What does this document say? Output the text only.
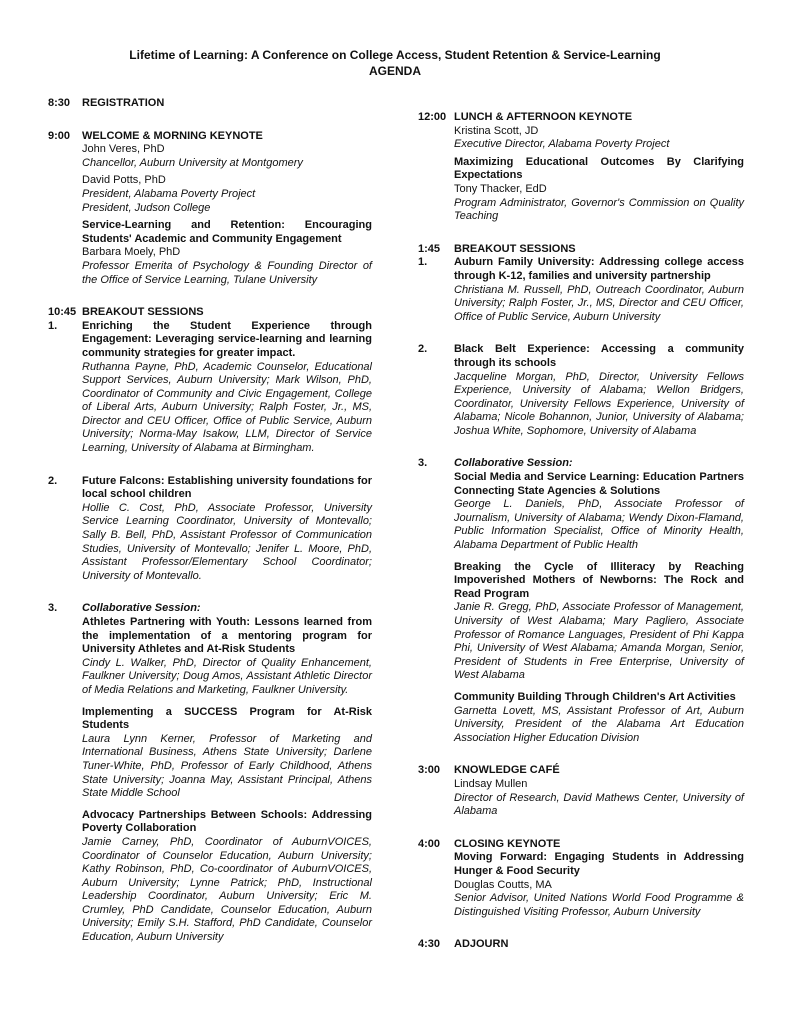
Lifetime of Learning: A Conference on College Access, Student Retention & Service-Learning
AGENDA
8:30	REGISTRATION
9:00	WELCOME & MORNING KEYNOTE
John Veres, PhD
Chancellor, Auburn University at Montgomery
David Potts, PhD
President, Alabama Poverty Project
President, Judson College
Service-Learning and Retention: Encouraging Students' Academic and Community Engagement
Barbara Moely, PhD
Professor Emerita of Psychology & Founding Director of the Office of Service Learning, Tulane University
10:45 BREAKOUT SESSIONS
1.	Enriching the Student Experience through Engagement: Leveraging service-learning and learning community strategies for greater impact.
Ruthanna Payne, PhD, Academic Counselor, Educational Support Services, Auburn University; Mark Wilson, PhD, Coordinator of Community and Civic Engagement, College of Liberal Arts, Auburn University; Ralph Foster, Jr., MS, Director and CEU Officer, Office of Public Service, Auburn University; Norma-May Isakow, LLM, Director of Service Learning, University of Alabama at Birmingham.
2.	Future Falcons: Establishing university foundations for local school children
Hollie C. Cost, PhD, Associate Professor, University Service Learning Coordinator, University of Montevallo; Sally B. Bell, PhD, Assistant Professor of Communication Studies, University of Montevallo; Jenifer L. Moore, PhD, Assistant Professor/Elementary School Coordinator; University of Montevallo.
3.	Collaborative Session:
Athletes Partnering with Youth: Lessons learned from the implementation of a mentoring program for University Athletes and At-Risk Students
Cindy L. Walker, PhD, Director of Quality Enhancement, Faulkner University; Doug Amos, Assistant Athletic Director of Media Relations and Marketing, Faulkner University.
Implementing a SUCCESS Program for At-Risk Students
Laura Lynn Kerner, Professor of Marketing and International Business, Athens State University; Darlene Tuner-White, PhD, Professor of Early Childhood, Athens State University; Joanna May, Assistant Principal, Athens State Middle School
Advocacy Partnerships Between Schools: Addressing Poverty Collaboration
Jamie Carney, PhD, Coordinator of AuburnVOICES, Coordinator of Counselor Education, Auburn University; Kathy Robinson, PhD, Co-coordinator of AuburnVOICES, Auburn University; Lynne Patrick; PhD, Instructional Leadership Coordinator, Auburn University; Eric M. Crumley, PhD Candidate, Counselor Education, Auburn University; Emily S.H. Stafford, PhD Candidate, Counselor Education, Auburn University
12:00 LUNCH & AFTERNOON KEYNOTE
Kristina Scott, JD
Executive Director, Alabama Poverty Project
Maximizing Educational Outcomes By Clarifying Expectations
Tony Thacker, EdD
Program Administrator, Governor's Commission on Quality Teaching
1:45	BREAKOUT SESSIONS
1.	Auburn Family University: Addressing college access through K-12, families and university partnership
Christiana M. Russell, PhD, Outreach Coordinator, Auburn University; Ralph Foster, Jr., MS, Director and CEU Officer, Office of Public Service, Auburn University
2.	Black Belt Experience: Accessing a community through its schools
Jacqueline Morgan, PhD, Director, University Fellows Experience, University of Alabama; Wellon Bridgers, Coordinator, University Fellows Experience, University of Alabama; Nicole Bohannon, Junior, University of Alabama; Joshua White, Sophomore, University of Alabama
3.	Collaborative Session:
Social Media and Service Learning: Education Partners Connecting State Agencies & Solutions
George L. Daniels, PhD, Associate Professor of Journalism, University of Alabama; Wendy Dixon-Flamand, Public Information Specialist, Office of Minority Health, Alabama Department of Public Health
Breaking the Cycle of Illiteracy by Reaching Impoverished Mothers of Newborns: The Rock and Read Program
Janie R. Gregg, PhD, Associate Professor of Management, University of West Alabama; Mary Pagliero, Associate Professor of Romance Languages, President of Phi Kappa Phi, University of West Alabama; Amanda Morgan, Senior, President of Students in Free Enterprise, University of West Alabama
Community Building Through Children's Art Activities
Garnetta Lovett, MS, Assistant Professor of Art, Auburn University, President of the Alabama Art Education Association Higher Education Division
3:00	KNOWLEDGE CAFÉ
Lindsay Mullen
Director of Research, David Mathews Center, University of Alabama
4:00	CLOSING KEYNOTE
Moving Forward: Engaging Students in Addressing Hunger & Food Security
Douglas Coutts, MA
Senior Advisor, United Nations World Food Programme & Distinguished Visiting Professor, Auburn University
4:30	ADJOURN
